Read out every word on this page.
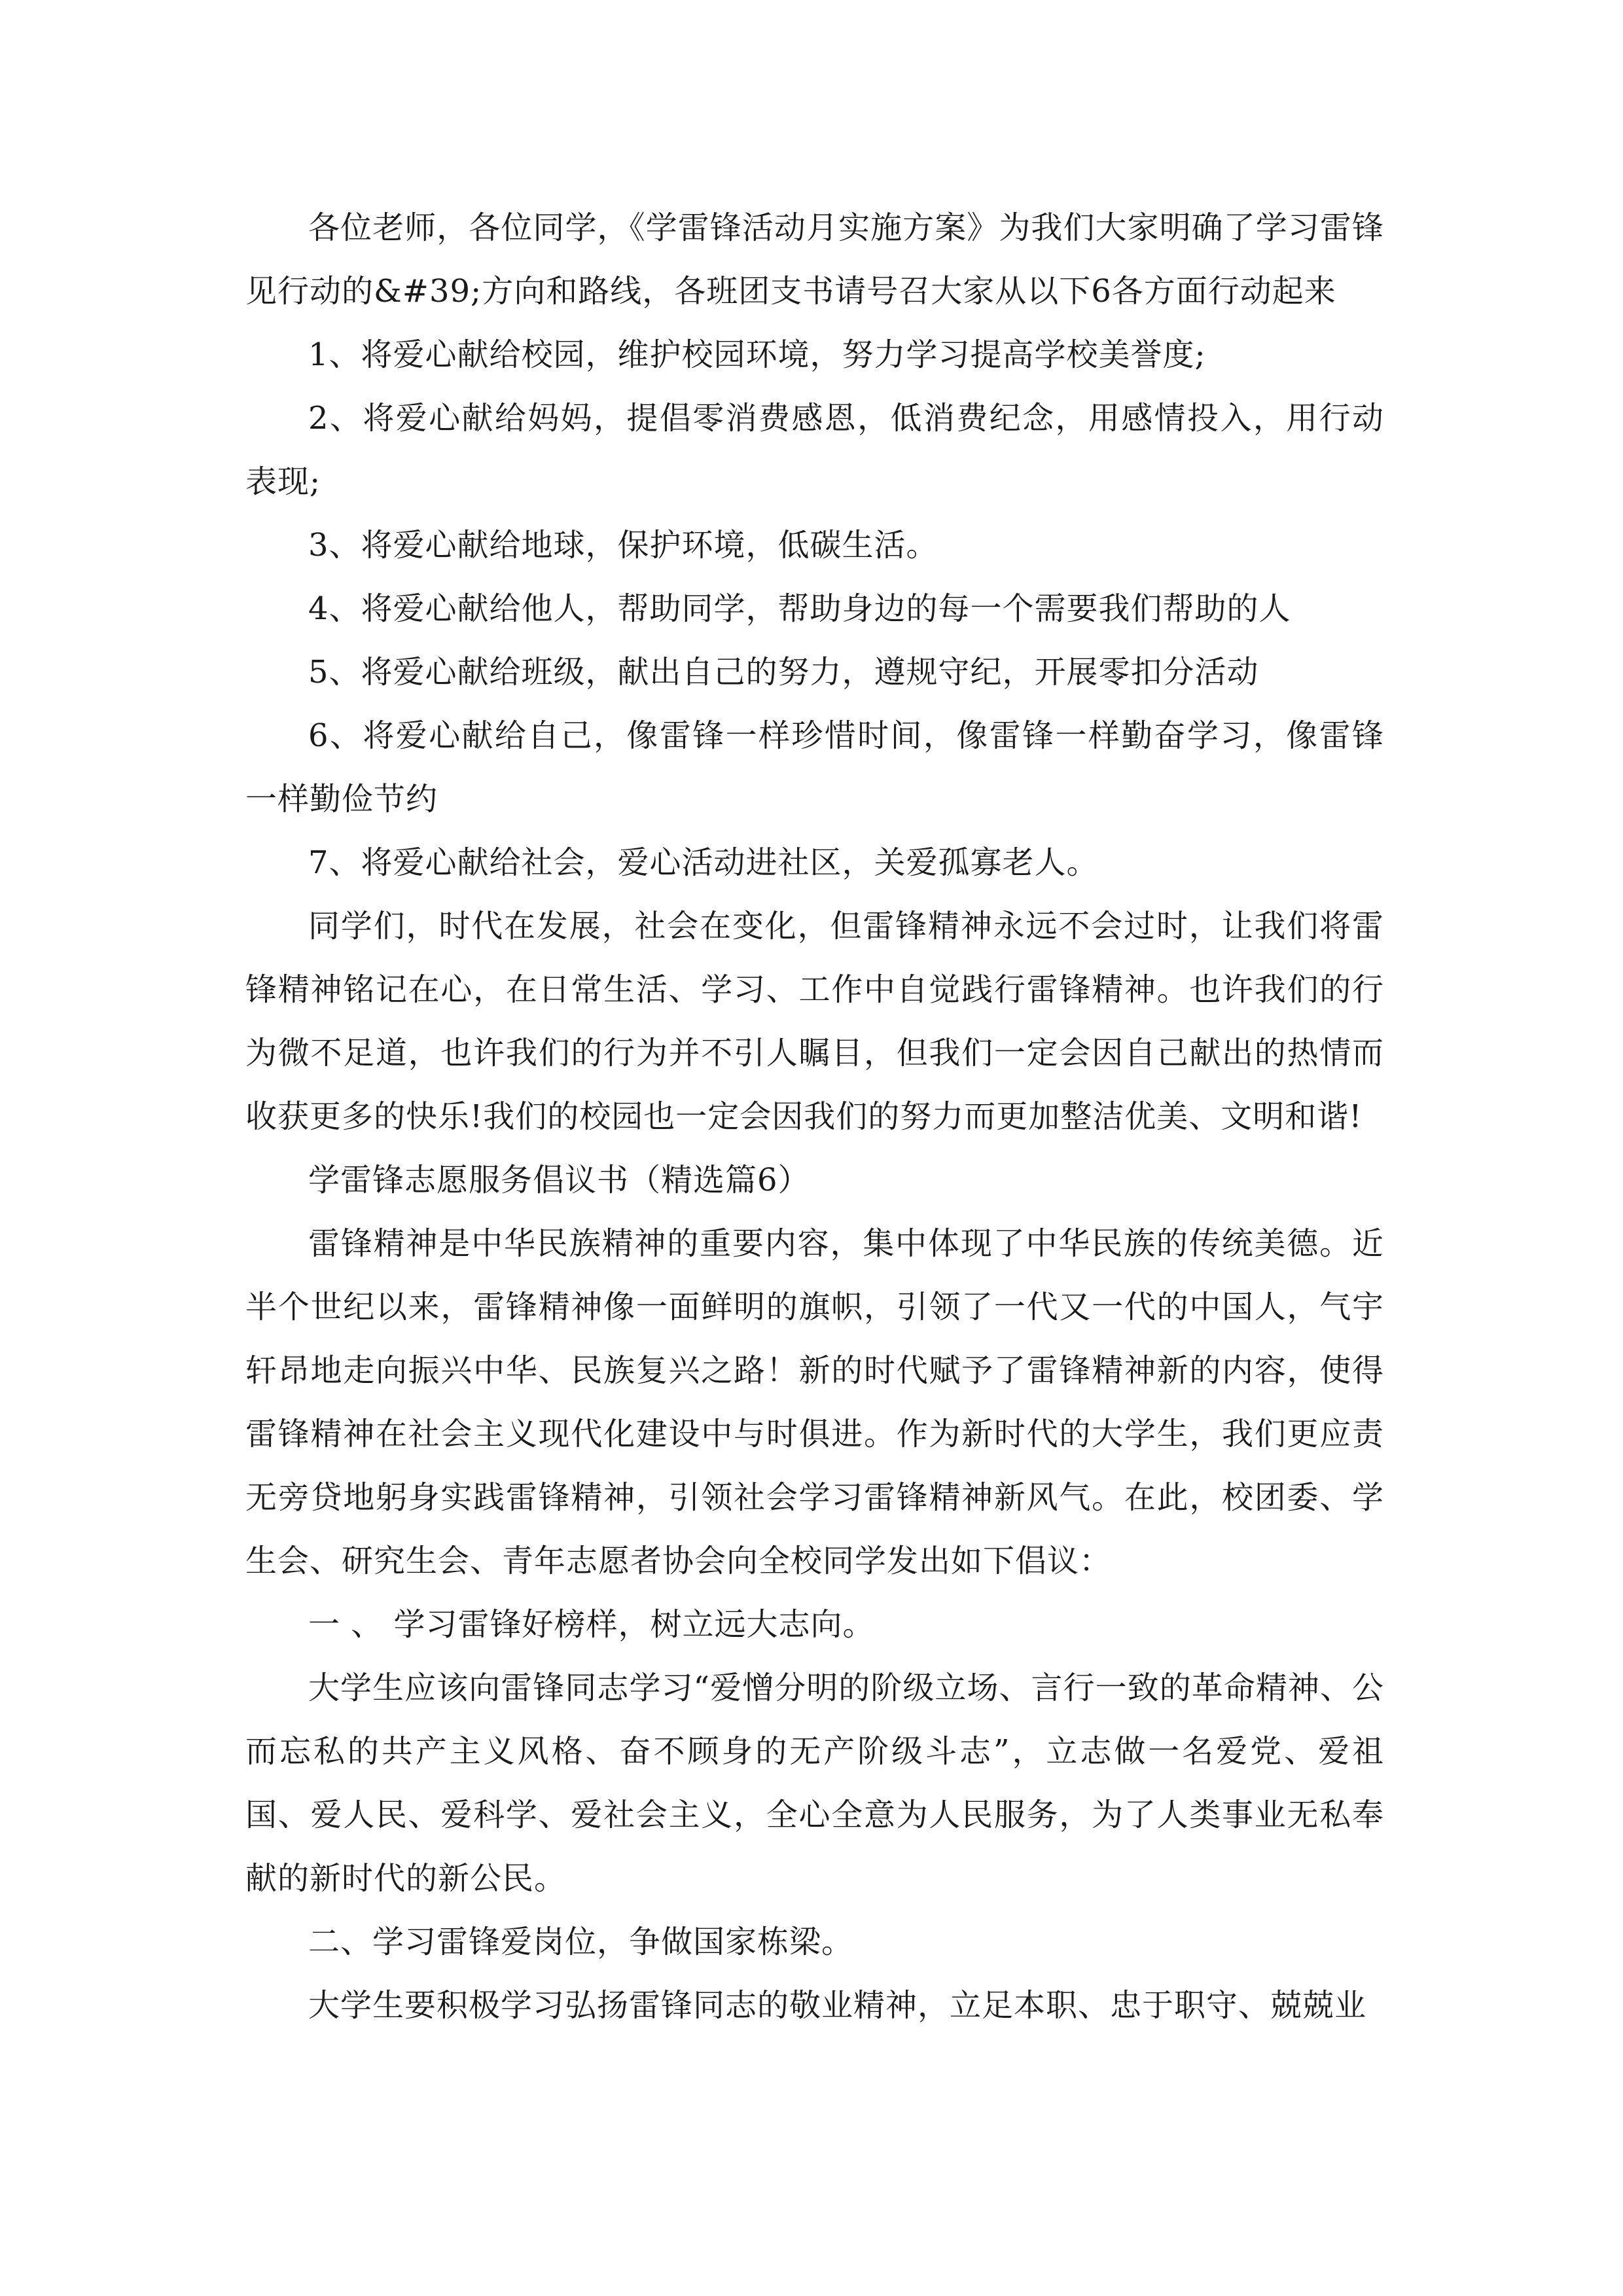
各位老师，各位同学，《学雷锋活动月实施方案》为我们大家明确了学习雷锋见行动的&#39;方向和路线，各班团支书请号召大家从以下6各方面行动起来

1、将爱心献给校园，维护校园环境，努力学习提高学校美誉度;

2、将爱心献给妈妈，提倡零消费感恩，低消费纪念，用感情投入，用行动表现;

3、将爱心献给地球，保护环境，低碳生活。

4、将爱心献给他人，帮助同学，帮助身边的每一个需要我们帮助的人

5、将爱心献给班级，献出自己的努力，遵规守纪，开展零扣分活动

6、将爱心献给自己，像雷锋一样珍惜时间，像雷锋一样勤奋学习，像雷锋一样勤俭节约

7、将爱心献给社会，爱心活动进社区，关爱孤寡老人。

同学们，时代在发展，社会在变化，但雷锋精神永远不会过时，让我们将雷锋精神铭记在心，在日常生活、学习、工作中自觉践行雷锋精神。也许我们的行为微不足道，也许我们的行为并不引人瞩目，但我们一定会因自己献出的热情而收获更多的快乐!我们的校园也一定会因我们的努力而更加整洁优美、文明和谐!

学雷锋志愿服务倡议书（精选篇6）

雷锋精神是中华民族精神的重要内容，集中体现了中华民族的传统美德。近半个世纪以来，雷锋精神像一面鲜明的旗帜，引领了一代又一代的中国人，气宇轩昂地走向振兴中华、民族复兴之路！新的时代赋予了雷锋精神新的内容，使得雷锋精神在社会主义现代化建设中与时俱进。作为新时代的大学生，我们更应责无旁贷地躬身实践雷锋精神，引领社会学习雷锋精神新风气。在此，校团委、学生会、研究生会、青年志愿者协会向全校同学发出如下倡议：

一 、 学习雷锋好榜样，树立远大志向。

大学生应该向雷锋同志学习“爱憎分明的阶级立场、言行一致的革命精神、公而忘私的共产主义风格、奋不顾身的无产阶级斗志”，立志做一名爱党、爱祖国、爱人民、爱科学、爱社会主义，全心全意为人民服务，为了人类事业无私奉献的新时代的新公民。

二、学习雷锋爱岗位，争做国家栋梁。

大学生要积极学习弘扬雷锋同志的敬业精神，立足本职、忠于职守、兢兢业
